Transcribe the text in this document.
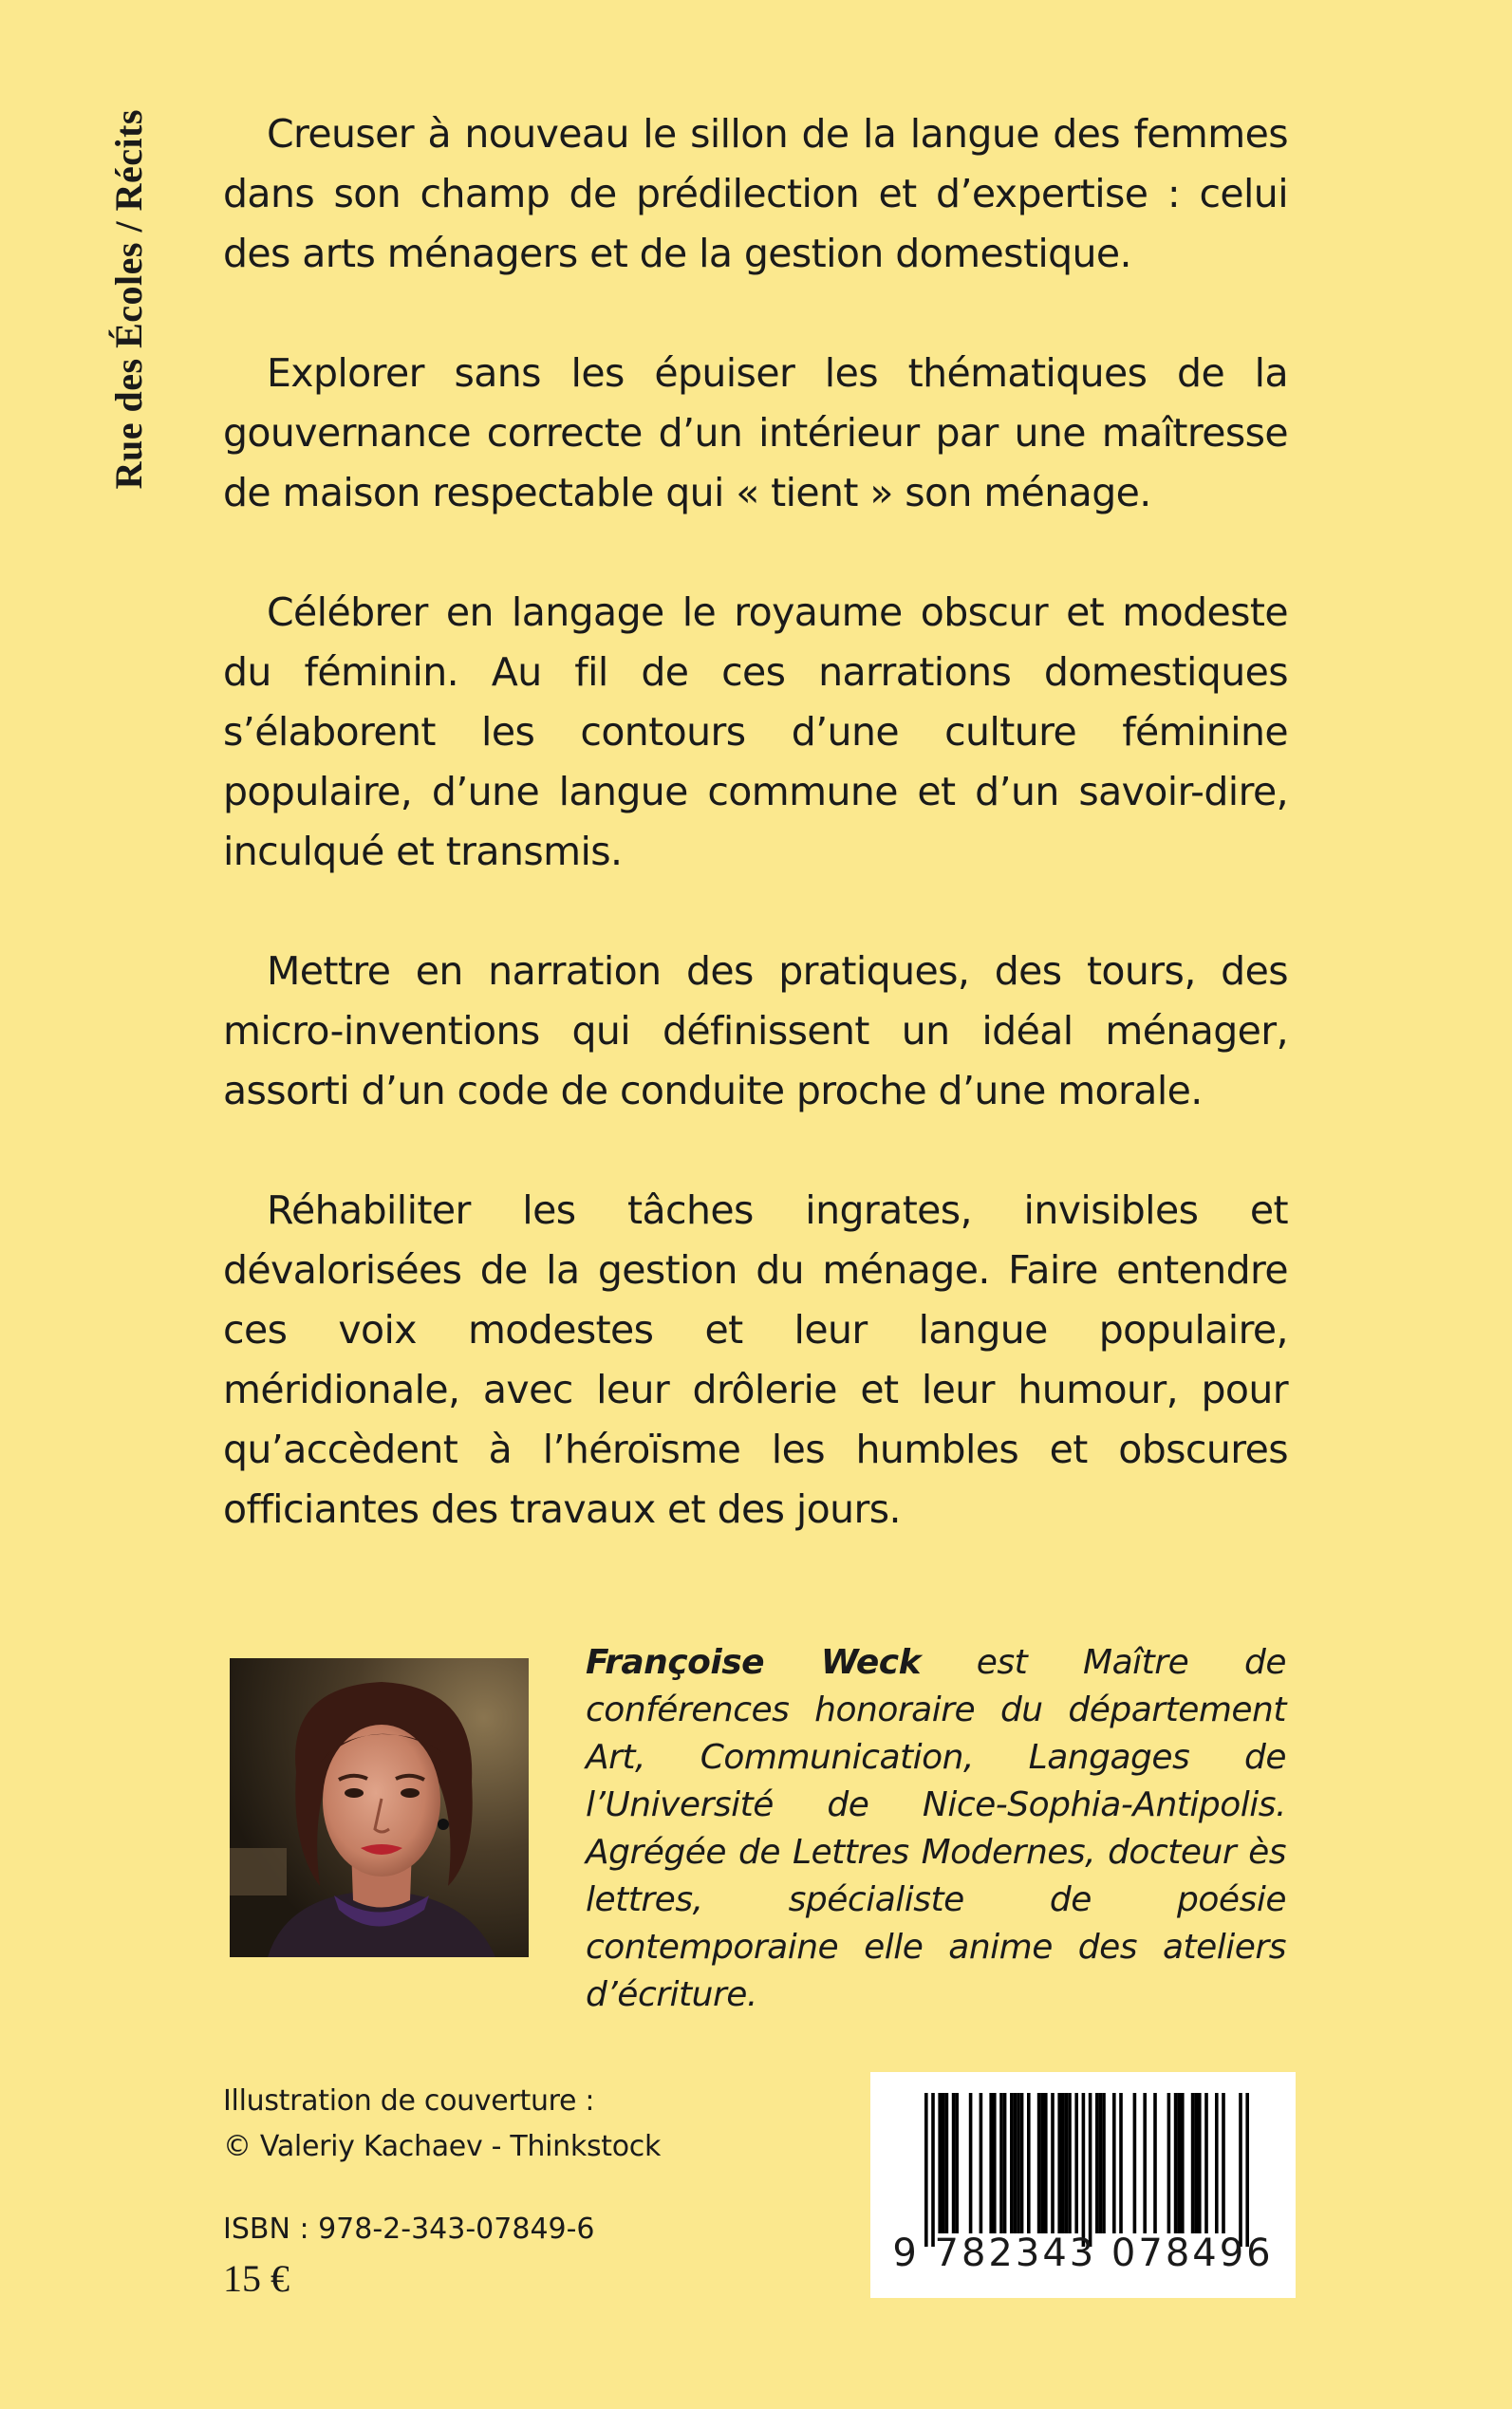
Rue des Écoles / Récits	Creuser à nouveau le sillon de la langue des femmes dans son champ de prédilection et d’expertise : celui des arts ménagers et de la gestion domestique.

Explorer sans les épuiser les thématiques de la gouvernance correcte d’un intérieur par une maîtresse de maison respectable qui « tient » son ménage.

Célébrer en langage le royaume obscur et modeste du féminin. Au fil de ces narrations domestiques s’élaborent les contours d’une culture féminine populaire, d’une langue commune et d’un savoir-dire, inculqué et transmis.

Mettre en narration des pratiques, des tours, des micro-inventions qui définissent un idéal ménager, assorti d’un code de conduite proche d’une morale.

Réhabiliter les tâches ingrates, invisibles et dévalorisées de la gestion du ménage. Faire entendre ces voix modestes et leur langue populaire, méridionale, avec leur drôlerie et leur humour, pour qu’accèdent à l’héroïsme les humbles et obscures officiantes des travaux et des jours.

Françoise Weck est Maître de conférences honoraire du département Art, Communication, Langages de l’Université de Nice-Sophia-Antipolis. Agrégée de Lettres Modernes, docteur ès lettres, spécialiste de poésie contemporaine elle anime des ateliers d’écriture.
Illustration de couverture :
© Valeriy Kachaev - Thinkstock
ISBN : 978-2-343-07849-6
15 €
9 782343 078496
